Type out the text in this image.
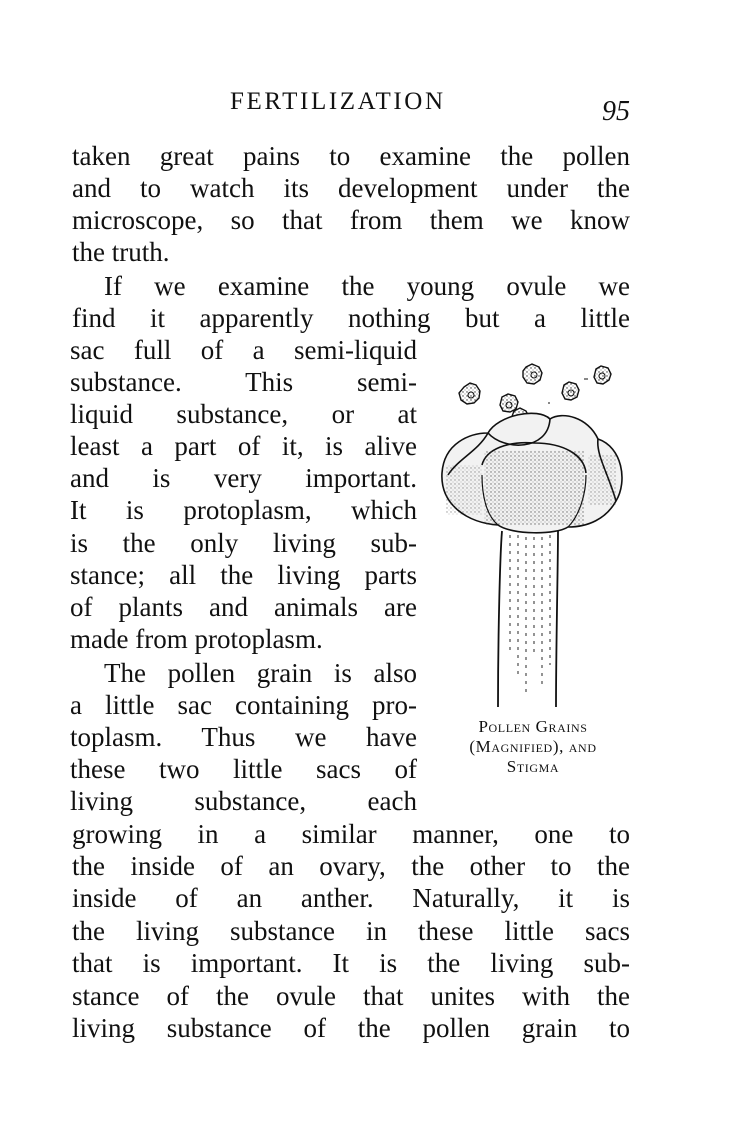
FERTILIZATION	95
taken great pains to examine the pollen
and to watch its development under the
microscope, so that from them we know
the truth.
If we examine the young ovule we
find it apparently nothing but a little
sac full of a semi-liquid
substance. This semi-
liquid substance, or at
least a part of it, is alive
and is very important.
It is protoplasm, which
is the only living sub-
stance; all the living parts
of plants and animals are
made from protoplasm.
The pollen grain is also
a little sac containing pro-
toplasm. Thus we have
these two little sacs of
living substance, each
growing in a similar manner, one to
the inside of an ovary, the other to the
inside of an anther. Naturally, it is
the living substance in these little sacs
that is important. It is the living sub-
stance of the ovule that unites with the
living substance of the pollen grain to
Pollen Grains
(Magnified), and
Stigma
